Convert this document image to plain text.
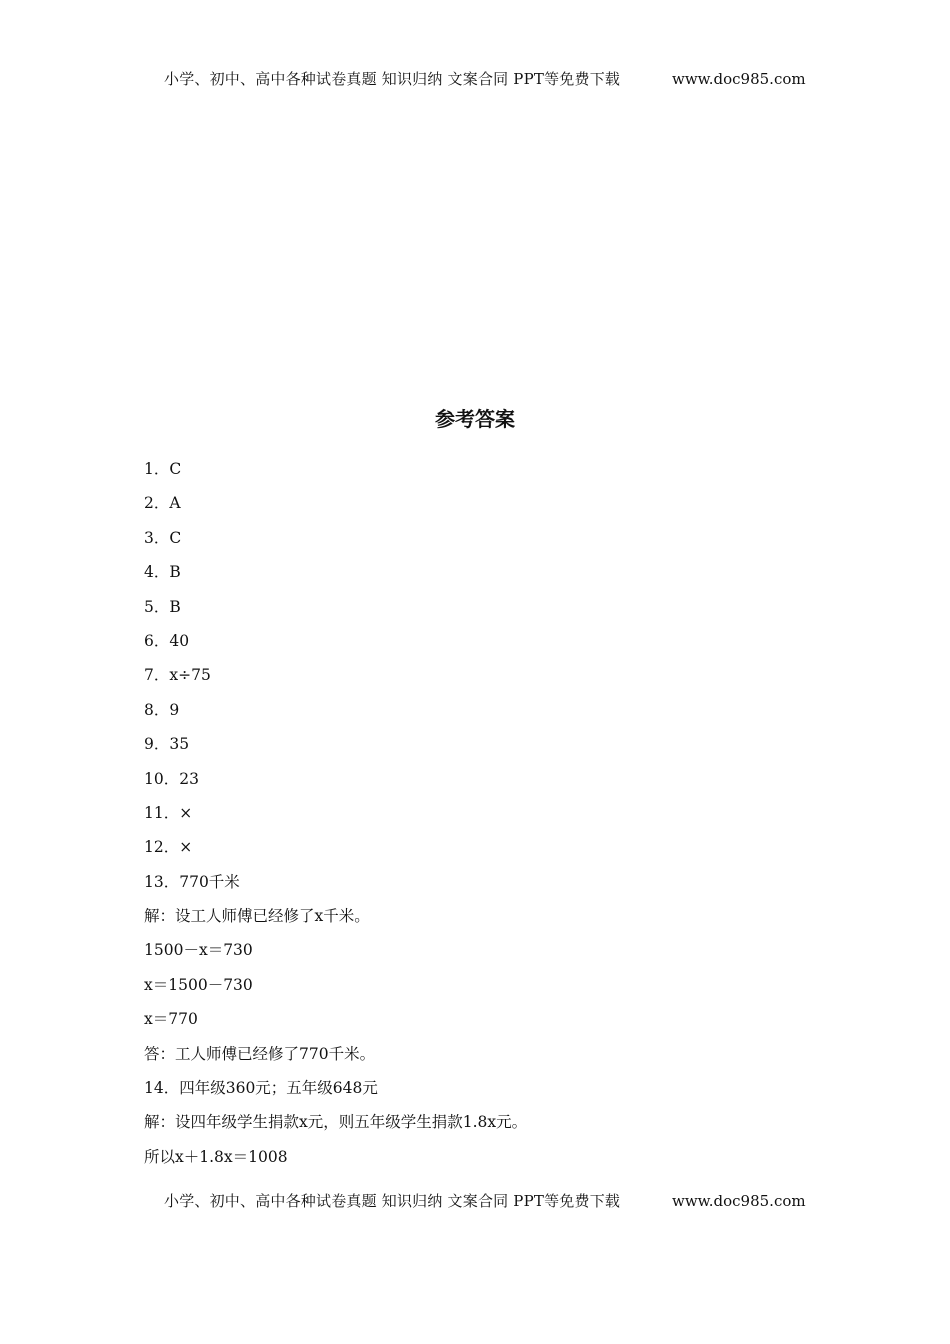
小学、初中、高中各种试卷真题 知识归纳 文案合同 PPT等免费下载	www.doc985.com
参考答案
1．C
2．A
3．C
4．B
5．B
6．40
7．x÷75
8．9
9．35
10．23
11．×
12．×
13．770千米
解：设工人师傅已经修了x千米。
1500－x＝730
x＝1500－730
x＝770
答：工人师傅已经修了770千米。
14．四年级360元；五年级648元
解：设四年级学生捐款x元，则五年级学生捐款1.8x元。
所以x＋1.8x＝1008
小学、初中、高中各种试卷真题 知识归纳 文案合同 PPT等免费下载	www.doc985.com
